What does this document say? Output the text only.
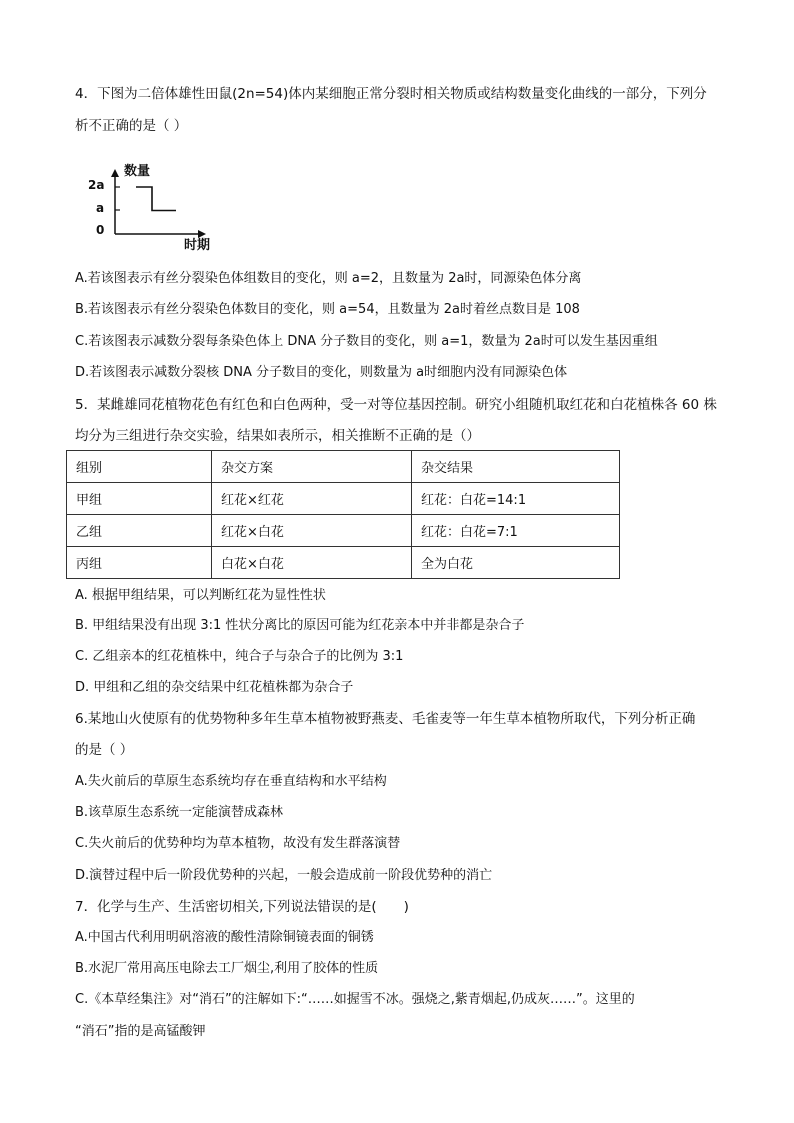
4．下图为二倍体雄性田鼠(2n=54)体内某细胞正常分裂时相关物质或结构数量变化曲线的一部分，下列分
析不正确的是（ ）
数量
2a
a
0
时期
A.若该图表示有丝分裂染色体组数目的变化，则 a=2，且数量为 2a时，同源染色体分离
B.若该图表示有丝分裂染色体数目的变化，则 a=54，且数量为 2a时着丝点数目是 108
C.若该图表示减数分裂每条染色体上 DNA 分子数目的变化，则 a=1，数量为 2a时可以发生基因重组
D.若该图表示减数分裂核 DNA 分子数目的变化，则数量为 a时细胞内没有同源染色体
5．某雌雄同花植物花色有红色和白色两种，受一对等位基因控制。研究小组随机取红花和白花植株各 60 株
均分为三组进行杂交实验，结果如表所示，相关推断不正确的是（）
组别	杂交方案	杂交结果
甲组	红花×红花	红花：白花=14:1
乙组	红花×白花	红花：白花=7:1
丙组	白花×白花	全为白花
A. 根据甲组结果，可以判断红花为显性性状
B. 甲组结果没有出现 3:1 性状分离比的原因可能为红花亲本中并非都是杂合子
C. 乙组亲本的红花植株中，纯合子与杂合子的比例为 3:1
D. 甲组和乙组的杂交结果中红花植株都为杂合子
6.某地山火使原有的优势物种多年生草本植物被野燕麦、毛雀麦等一年生草本植物所取代，下列分析正确
的是（ ）
A.失火前后的草原生态系统均存在垂直结构和水平结构
B.该草原生态系统一定能演替成森林
C.失火前后的优势种均为草本植物，故没有发生群落演替
D.演替过程中后一阶段优势种的兴起，一般会造成前一阶段优势种的消亡
7．化学与生产、生活密切相关,下列说法错误的是(　　)
A.中国古代利用明矾溶液的酸性清除铜镜表面的铜锈
B.水泥厂常用高压电除去工厂烟尘,利用了胶体的性质
C.《本草经集注》对“消石”的注解如下:“……如握雪不冰。强烧之,紫青烟起,仍成灰……”。这里的
“消石”指的是高锰酸钾
